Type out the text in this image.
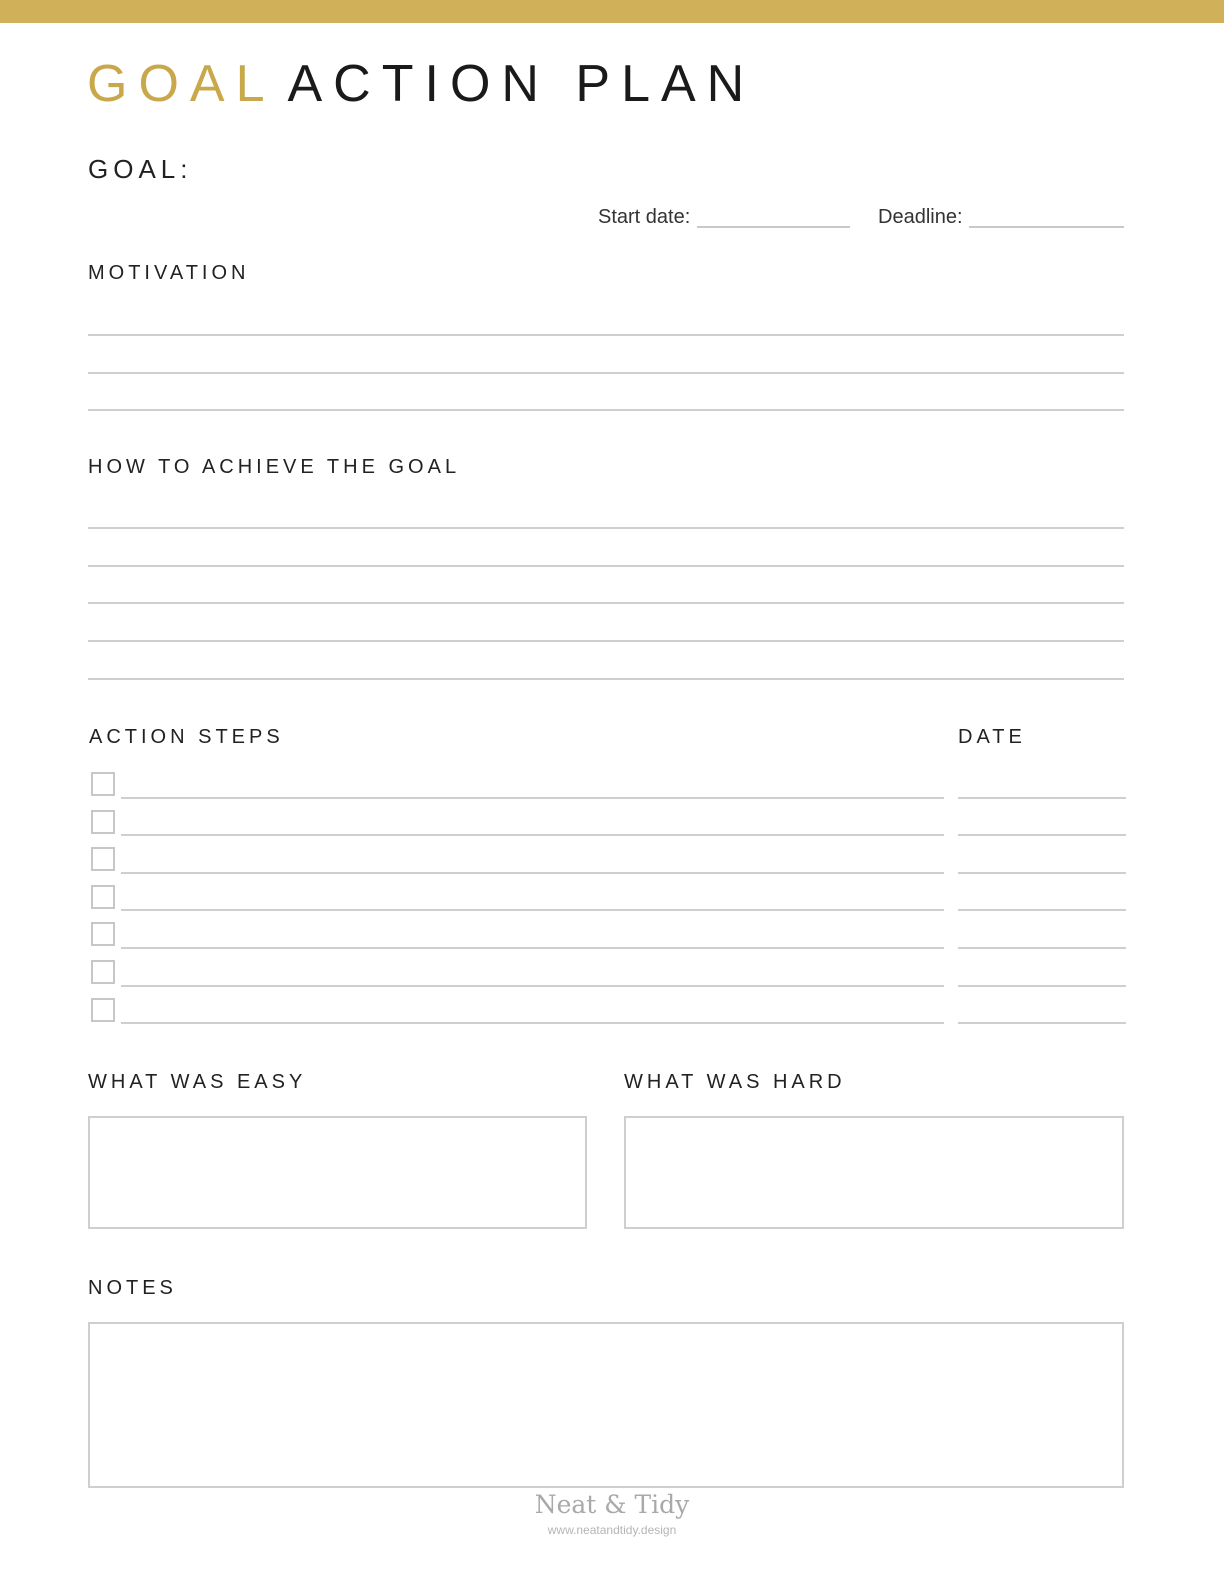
GOAL ACTION PLAN
GOAL:
Start date:	Deadline:
MOTIVATION
HOW TO ACHIEVE THE GOAL
ACTION STEPS	DATE
WHAT WAS EASY	WHAT WAS HARD
NOTES
Neat & Tidy
www.neatandtidy.design
